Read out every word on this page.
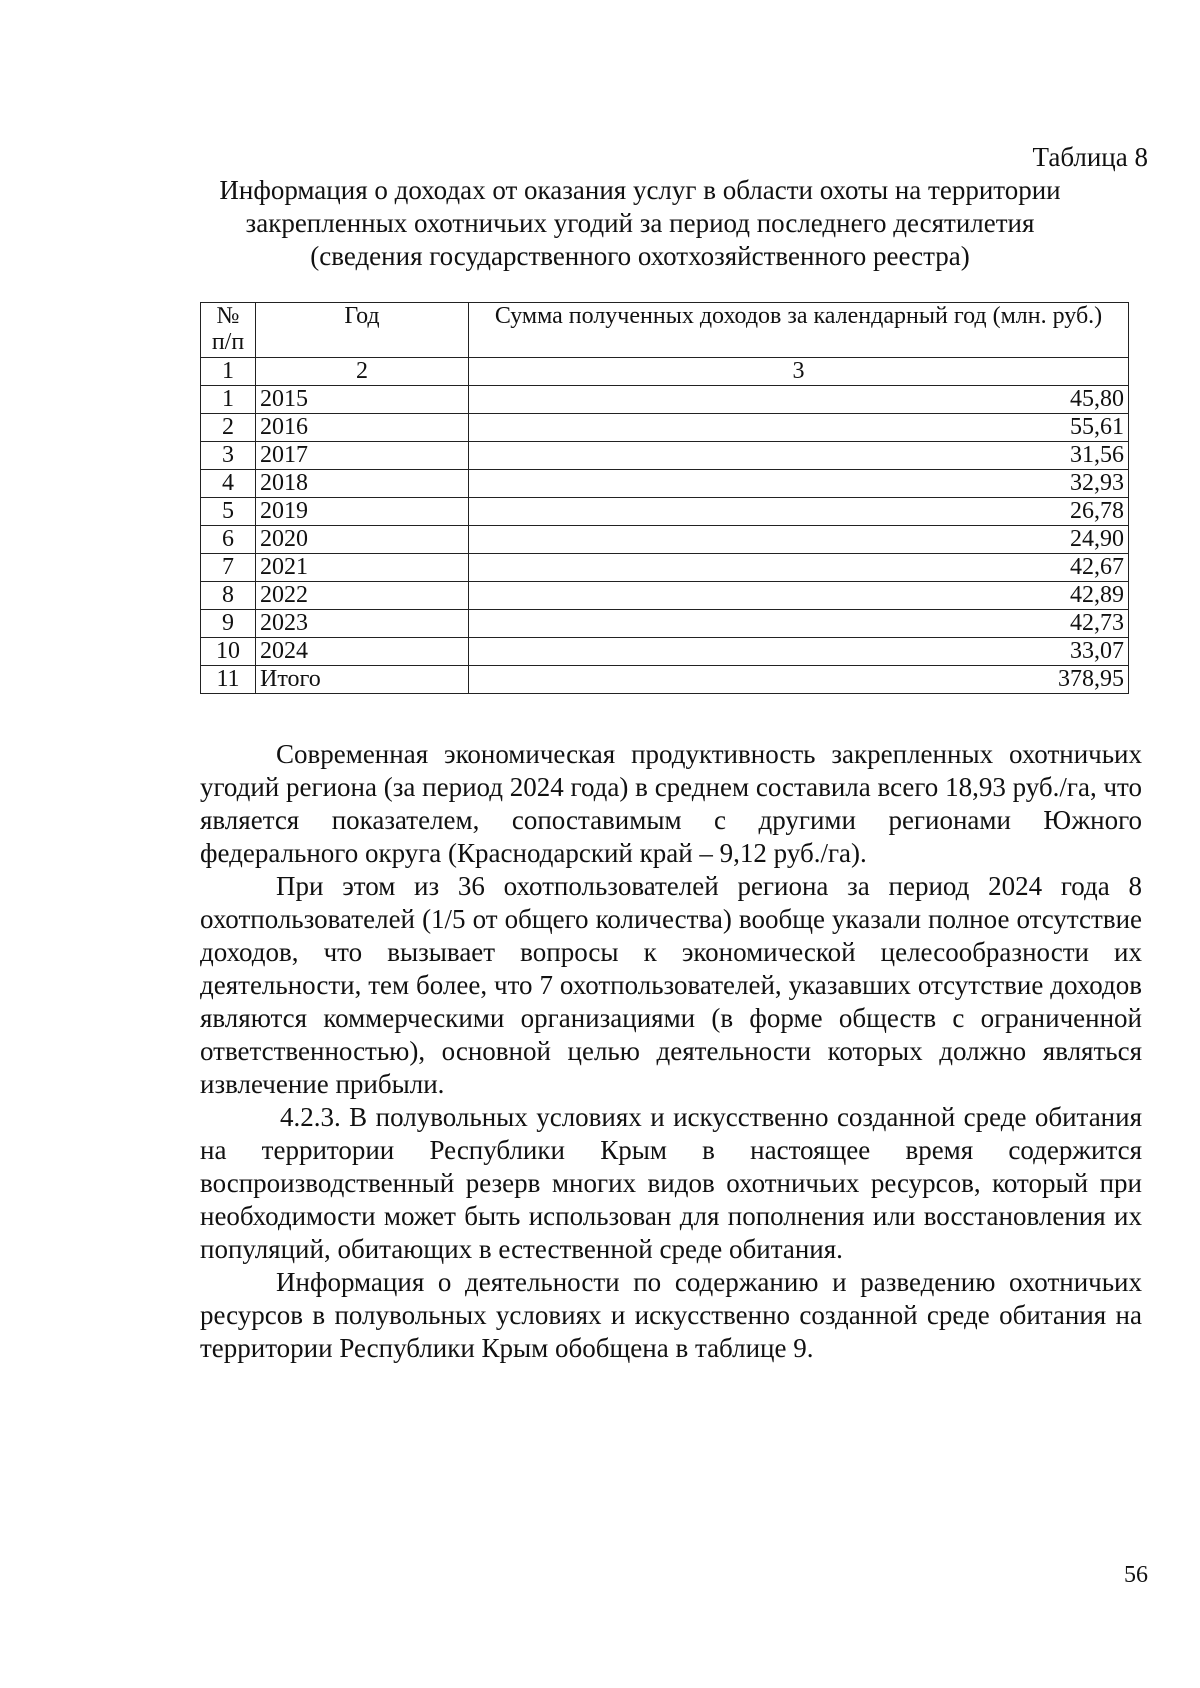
Таблица 8
Информация о доходах от оказания услуг в области охоты на территории
закрепленных охотничьих угодий за период последнего десятилетия
(сведения государственного охотхозяйственного реестра)
№ п/п	Год	Сумма полученных доходов за календарный год (млн. руб.)
1	2	3
1	2015	45,80
2	2016	55,61
3	2017	31,56
4	2018	32,93
5	2019	26,78
6	2020	24,90
7	2021	42,67
8	2022	42,89
9	2023	42,73
10	2024	33,07
11	Итого	378,95

Современная экономическая продуктивность закрепленных охотничьих угодий региона (за период 2024 года) в среднем составила всего 18,93 руб./га, что является показателем, сопоставимым с другими регионами Южного федерального округа (Краснодарский край – 9,12 руб./га).

При этом из 36 охотпользователей региона за период 2024 года 8 охотпользователей (1/5 от общего количества) вообще указали полное отсутствие доходов, что вызывает вопросы к экономической целесообразности их деятельности, тем более, что 7 охотпользователей, указавших отсутствие доходов являются коммерческими организациями (в форме обществ с ограниченной ответственностью), основной целью деятельности которых должно являться извлечение прибыли.

4.2.3. В полувольных условиях и искусственно созданной среде обитания на территории Республики Крым в настоящее время содержится воспроизводственный резерв многих видов охотничьих ресурсов, который при необходимости может быть использован для пополнения или восстановления их популяций, обитающих в естественной среде обитания.

Информация о деятельности по содержанию и разведению охотничьих ресурсов в полувольных условиях и искусственно созданной среде обитания на территории Республики Крым обобщена в таблице 9.

56
